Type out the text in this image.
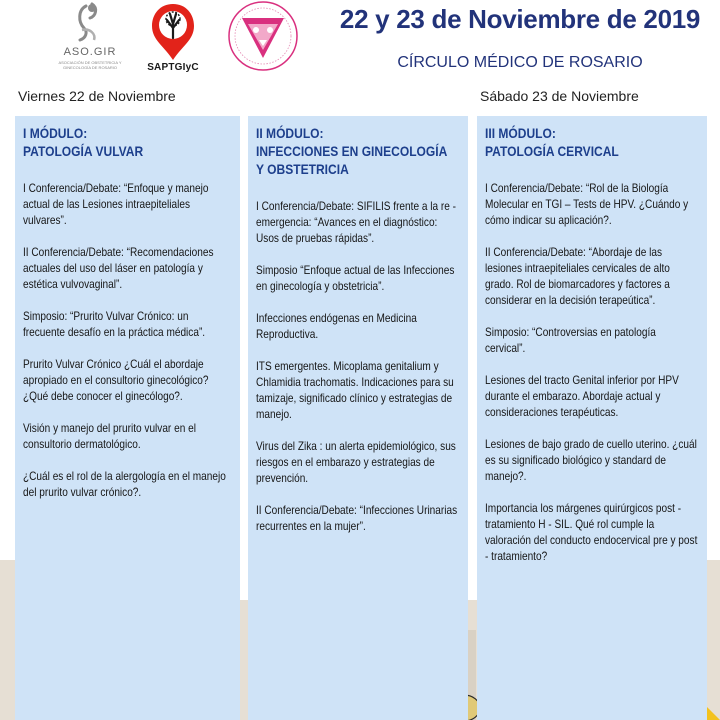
ASO.GIR
ASOCIACIÓN DE OBSTETRICIA Y GINECOLOGÍA DE ROSARIO	SAPTGIyC
22 y 23 de Noviembre de 2019
CÍRCULO MÉDICO DE ROSARIO
Viernes 22 de Noviembre	Sábado 23 de Noviembre
I MÓDULO:
PATOLOGÍA VULVAR
I Conferencia/Debate: “Enfoque y manejo actual de las Lesiones intraepiteliales vulvares”.
II Conferencia/Debate: “Recomendaciones actuales del uso del láser en patología y estética vulvovaginal”.
Simposio: “Prurito Vulvar Crónico: un frecuente desafío en la práctica médica”.
Prurito Vulvar Crónico ¿Cuál el abordaje apropiado en el consultorio ginecológico? ¿Qué debe conocer el ginecólogo?.
Visión y manejo del prurito vulvar en el consultorio dermatológico.
¿Cuál es el rol de la alergología en el manejo del prurito vulvar crónico?.
II MÓDULO:
INFECCIONES EN GINECOLOGÍA
Y OBSTETRICIA
I Conferencia/Debate: SIFILIS frente a la re - emergencia: “Avances en el diagnóstico: Usos de pruebas rápidas”.
Simposio “Enfoque actual de las Infecciones en ginecología y obstetricia”.
Infecciones endógenas en Medicina Reproductiva.
ITS emergentes. Micoplama genitalium y Chlamidia trachomatis. Indicaciones para su tamizaje, significado clínico y estrategias de manejo.
Virus del Zika : un alerta epidemiológico, sus riesgos en el embarazo y estrategias de prevención.
II Conferencia/Debate: “Infecciones Urinarias recurrentes en la mujer”.
III MÓDULO:
PATOLOGÍA CERVICAL
I Conferencia/Debate: “Rol de la Biología Molecular en TGI – Tests de HPV. ¿Cuándo y cómo indicar su aplicación?.
II Conferencia/Debate: “Abordaje de las lesiones intraepiteliales cervicales de alto grado. Rol de biomarcadores y factores a considerar en la decisión terapeútica”.
Simposio: “Controversias en patología cervical”.
Lesiones del tracto Genital inferior por HPV durante el embarazo. Abordaje actual y consideraciones terapéuticas.
Lesiones de bajo grado de cuello uterino. ¿cuál es su significado biológico y standard de manejo?.
Importancia los márgenes quirúrgicos post - tratamiento H - SIL. Qué rol cumple la valoración del conducto endocervical pre y post - tratamiento?
